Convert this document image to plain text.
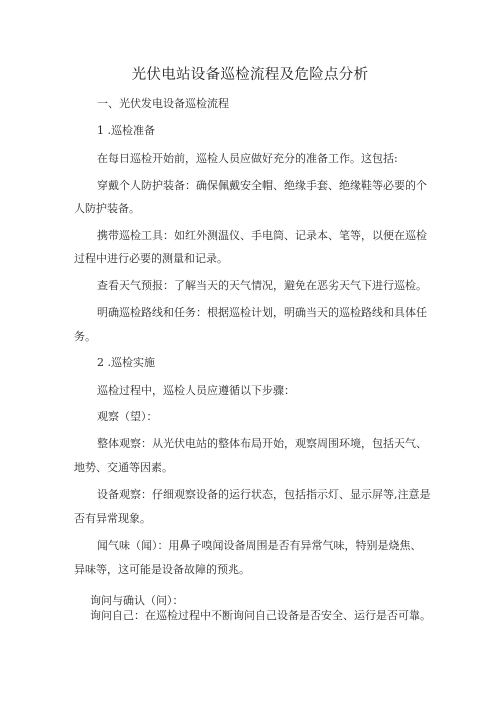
光伏电站设备巡检流程及危险点分析
一、光伏发电设备巡检流程
1 .巡检准备
在每日巡检开始前，巡检人员应做好充分的准备工作。这包括:
穿戴个人防护装备：确保佩戴安全帽、绝缘手套、绝缘鞋等必要的个
人防护装备。
携带巡检工具：如红外测温仪、手电筒、记录本、笔等，以便在巡检
过程中进行必要的测量和记录。
查看天气预报：了解当天的天气情况，避免在恶劣天气下进行巡检。
明确巡检路线和任务：根据巡检计划，明确当天的巡检路线和具体任
务。
2 .巡检实施
巡检过程中，巡检人员应遵循以下步骤：
观察（望）：
整体观察：从光伏电站的整体布局开始，观察周围环境，包括天气、
地势、交通等因素。
设备观察：仔细观察设备的运行状态，包括指示灯、显示屏等,注意是
否有异常现象。
闻气味（闻）：用鼻子嗅闻设备周围是否有异常气味，特别是烧焦、
异味等，这可能是设备故障的预兆。
询问与确认（问）：
询问自己：在巡检过程中不断询问自己设备是否安全、运行是否可靠。
